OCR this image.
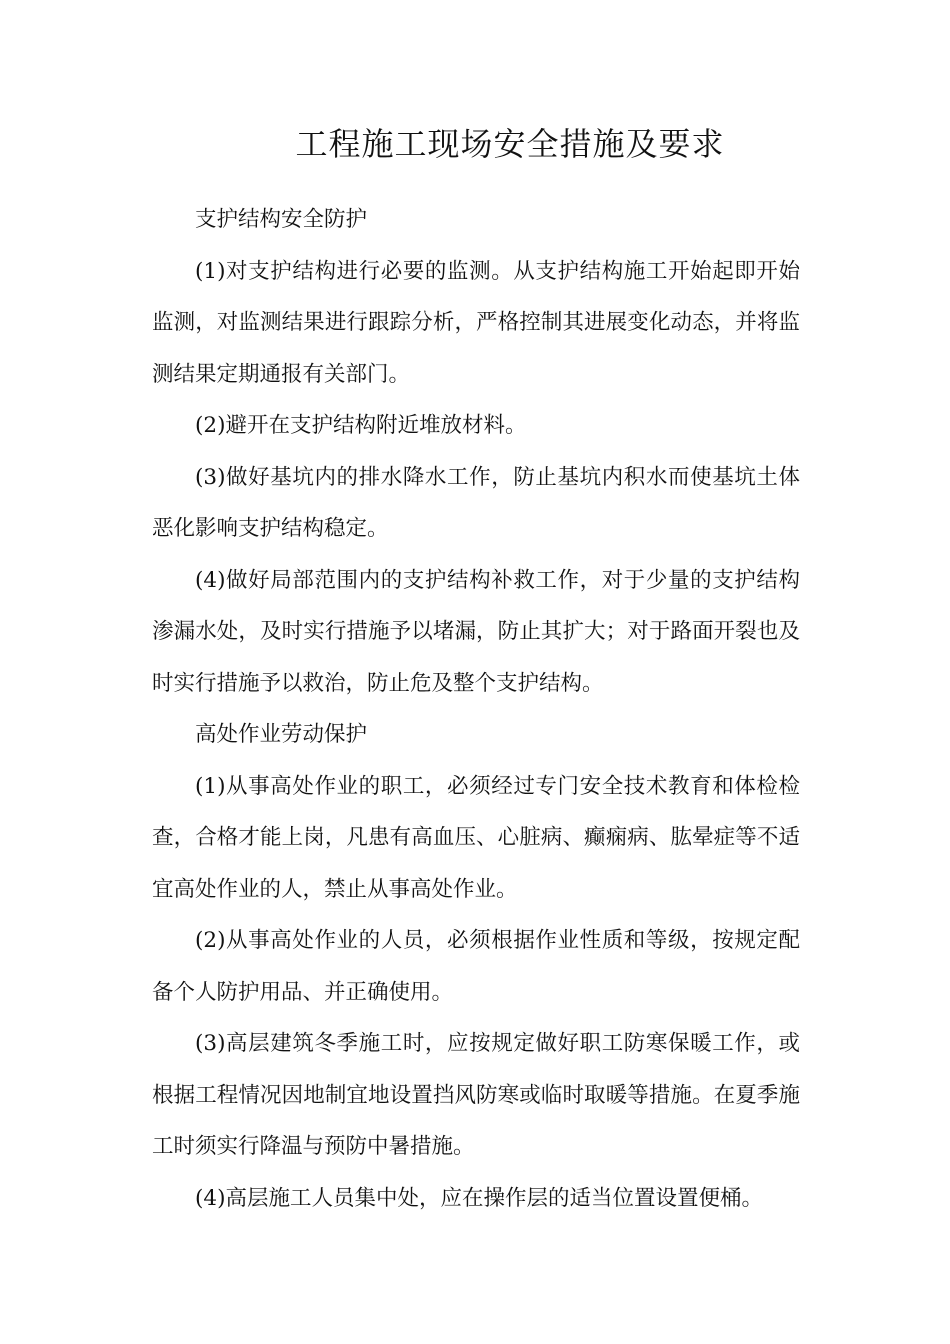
工程施工现场安全措施及要求

支护结构安全防护

(1)对支护结构进行必要的监测。从支护结构施工开始起即开始监测，对监测结果进行跟踪分析，严格控制其进展变化动态，并将监测结果定期通报有关部门。

(2)避开在支护结构附近堆放材料。

(3)做好基坑内的排水降水工作，防止基坑内积水而使基坑土体恶化影响支护结构稳定。

(4)做好局部范围内的支护结构补救工作，对于少量的支护结构渗漏水处，及时实行措施予以堵漏，防止其扩大；对于路面开裂也及时实行措施予以救治，防止危及整个支护结构。

高处作业劳动保护

(1)从事高处作业的职工，必须经过专门安全技术教育和体检检查，合格才能上岗，凡患有高血压、心脏病、癫痫病、肱晕症等不适宜高处作业的人，禁止从事高处作业。

(2)从事高处作业的人员，必须根据作业性质和等级，按规定配备个人防护用品、并正确使用。

(3)高层建筑冬季施工时，应按规定做好职工防寒保暖工作，或根据工程情况因地制宜地设置挡风防寒或临时取暖等措施。在夏季施工时须实行降温与预防中暑措施。

(4)高层施工人员集中处，应在操作层的适当位置设置便桶。
